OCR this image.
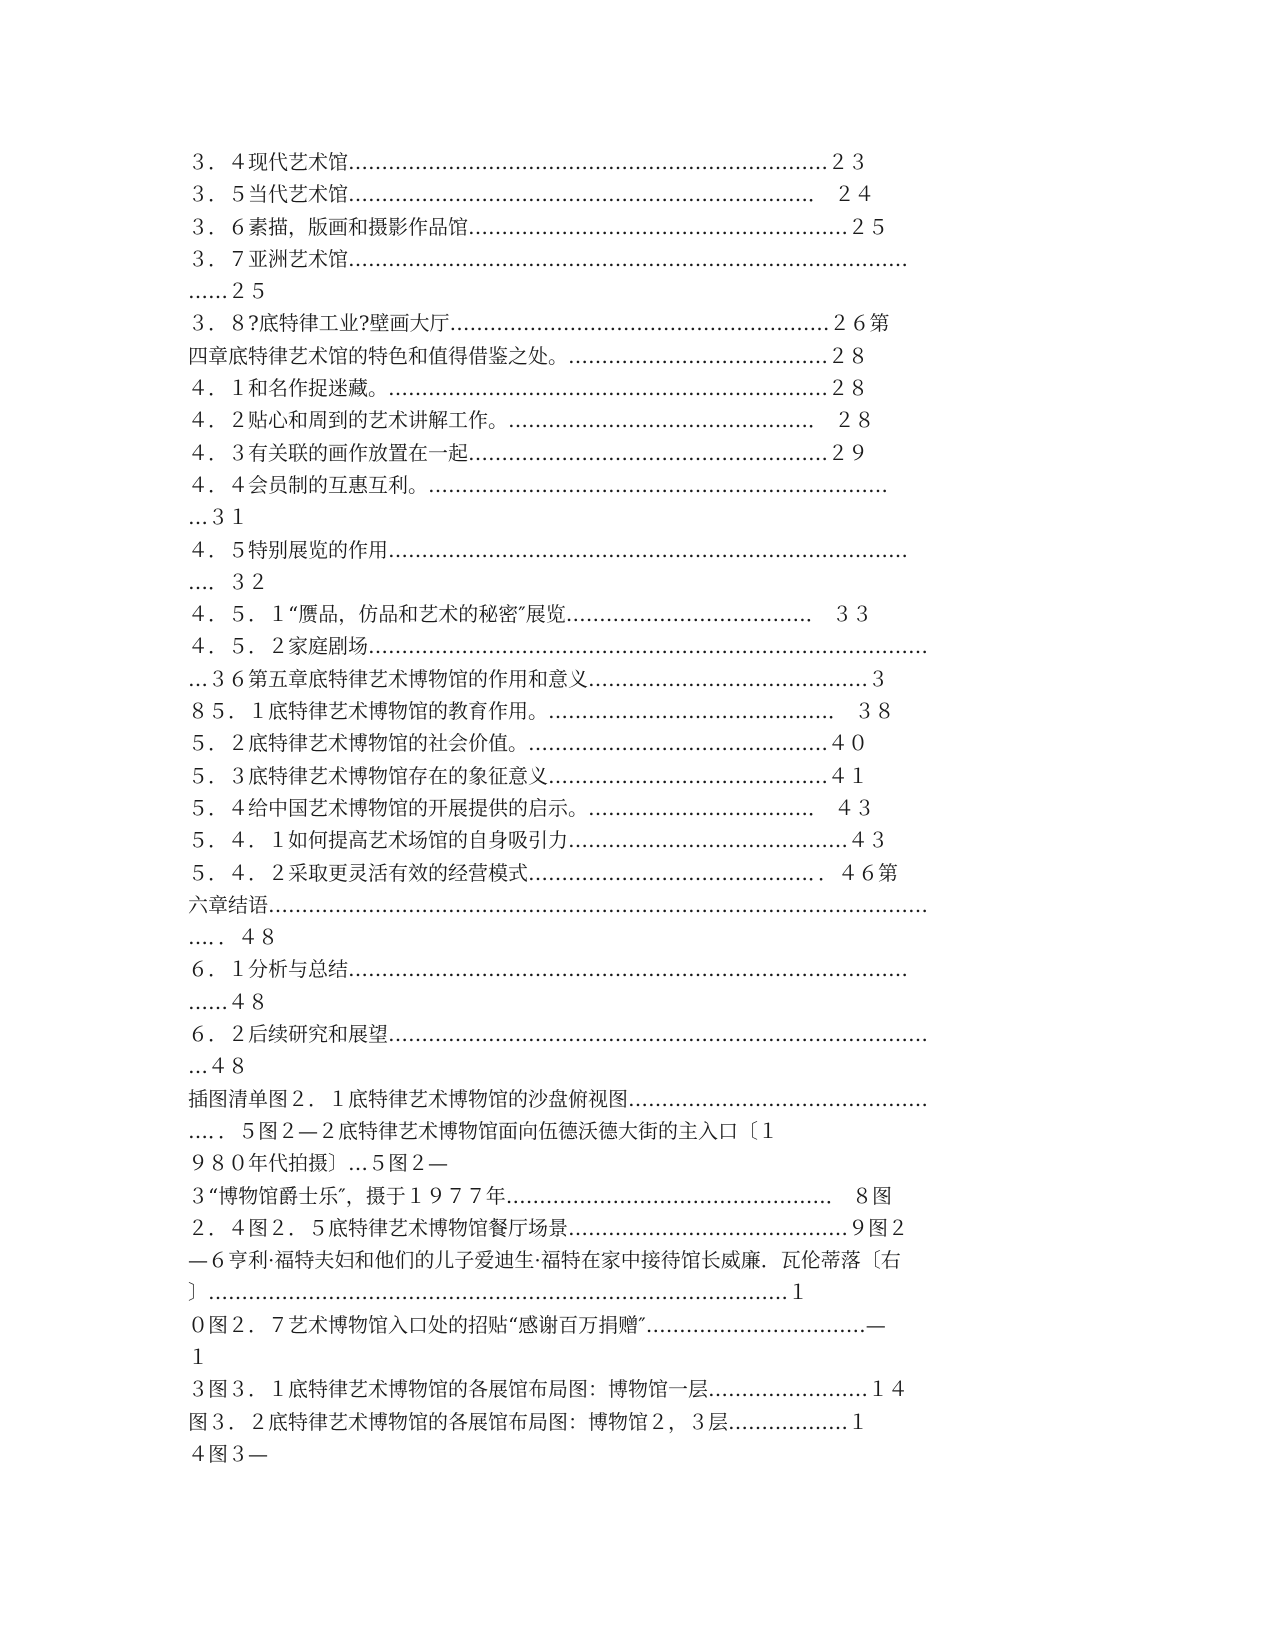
３．４现代艺术馆………………………………………………………………２３
３．５当代艺术馆……………………………………………………………． ２４
３．６素描，版画和摄影作品馆…………………………………………………２５
３．７亚洲艺术馆…………………………………………………………………………
……２５
３．８?底特律工业?壁画大厅…………………………………………………２６第
四章底特律艺术馆的特色和值得借鉴之处。…………………………………２８
４．１和名作捉迷藏。…………………………………………………………２８
４．２贴心和周到的艺术讲解工作。………………………………………． ２８
４．３有关联的画作放置在一起………………………………………………２９
４．４会员制的互惠互利。……………………………………………………………
…３１
４．５特别展览的作用……………………………………………………………………
…．３２
４．５．１“赝品，仿品和艺术的秘密″展览………………………………． ３３
４．５．２家庭剧场…………………………………………………………………………
…３６第五章底特律艺术博物馆的作用和意义……………………………………３
８５．１底特律艺术博物馆的教育作用。……………………………………． ３８
５．２底特律艺术博物馆的社会价值。………………………………………４０
５．３底特律艺术博物馆存在的象征意义……………………………………４１
５．４给中国艺术博物馆的开展提供的启示。……………………………． ４３
５．４．１如何提高艺术场馆的自身吸引力……………………………………４３
５．４．２采取更灵活有效的经营模式……………………………………．．４６第
六章结语………………………………………………………………………………………
…．．４８
６．１分析与总结…………………………………………………………………………
……４８
６．２后续研究和展望………………………………………………………………………
…４８
插图清单图２．１底特律艺术博物馆的沙盘俯视图………………………………………
…．．５图２—２底特律艺术博物馆面向伍德沃德大街的主入口〔１
９８０年代拍摄〕…５图２—
３“博物馆爵士乐″，摄于１９７７年…………………………………………． ８图
２．４图２．５底特律艺术博物馆餐厅场景……………………………………９图２
—６亨利·福特夫妇和他们的儿子爱迪生·福特在家中接待馆长威廉．瓦伦蒂落〔右
〕……………………………………………………………………………１
０图２．７艺术博物馆入口处的招贴“感谢百万捐赠″……………………………—
１
３图３．１底特律艺术博物馆的各展馆布局图：博物馆一层……………………１４
图３．２底特律艺术博物馆的各展馆布局图：博物馆２，３层………………１
４图３—
